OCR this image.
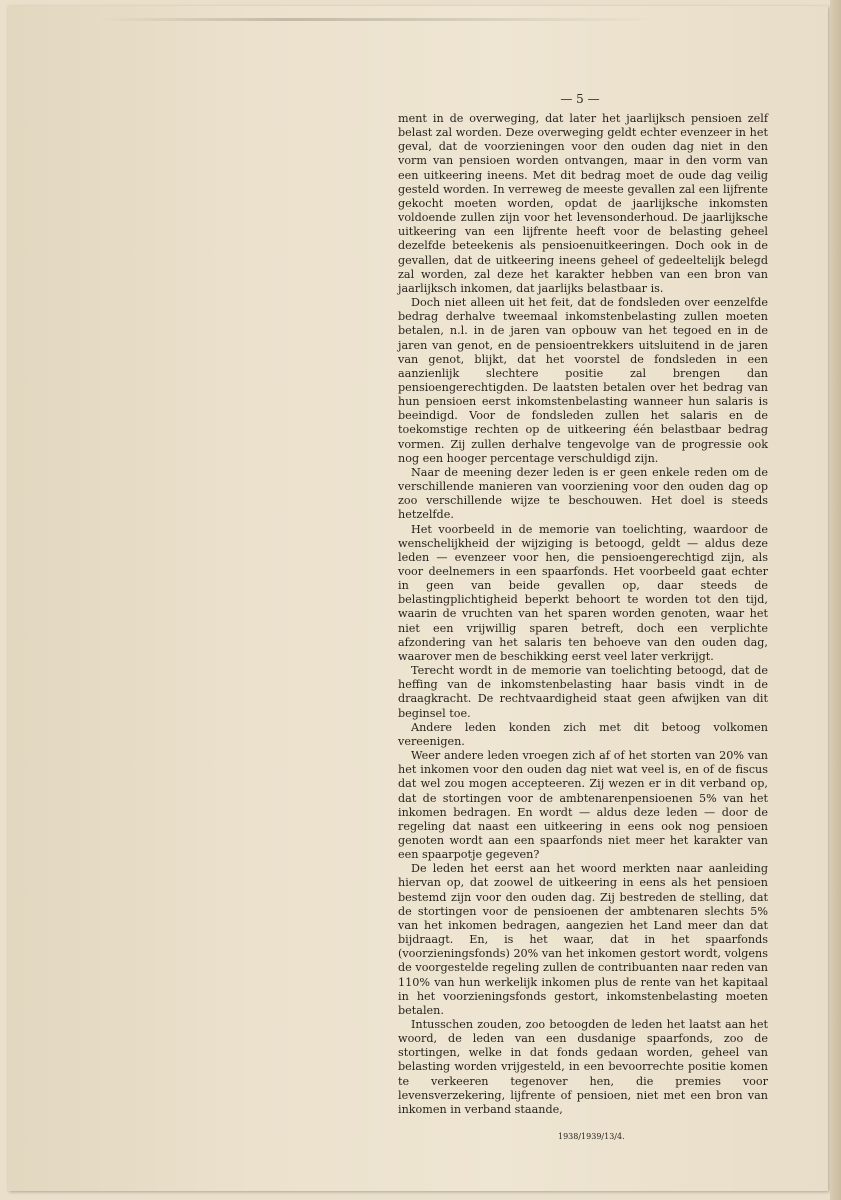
— 5 —

ment in de overweging, dat later het jaarlijksch pensioen zelf belast zal worden. Deze overweging geldt echter evenzeer in het geval, dat de voorzieningen voor den ouden dag niet in den vorm van pensioen worden ontvangen, maar in den vorm van een uitkeering ineens. Met dit bedrag moet de oude dag veilig gesteld worden. In verreweg de meeste gevallen zal een lijfrente gekocht moeten worden, opdat de jaarlijksche inkomsten voldoende zullen zijn voor het levensonderhoud. De jaarlijksche uitkeering van een lijfrente heeft voor de belasting geheel dezelfde beteekenis als pensioenuitkeeringen. Doch ook in de gevallen, dat de uitkeering ineens geheel of gedeeltelijk belegd zal worden, zal deze het karakter hebben van een bron van jaarlijksch inkomen, dat jaarlijks belastbaar is.

Doch niet alleen uit het feit, dat de fondsleden over eenzelfde bedrag derhalve tweemaal inkomstenbelasting zullen moeten betalen, n.l. in de jaren van opbouw van het tegoed en in de jaren van genot, en de pensioentrekkers uitsluitend in de jaren van genot, blijkt, dat het voorstel de fondsleden in een aanzienlijk slechtere positie zal brengen dan pensioengerechtigden. De laatsten betalen over het bedrag van hun pensioen eerst inkomstenbelasting wanneer hun salaris is beeindigd. Voor de fondsleden zullen het salaris en de toekomstige rechten op de uitkeering één belastbaar bedrag vormen. Zij zullen derhalve tengevolge van de progressie ook nog een hooger percentage verschuldigd zijn.

Naar de meening dezer leden is er geen enkele reden om de verschillende manieren van voorziening voor den ouden dag op zoo verschillende wijze te beschouwen. Het doel is steeds hetzelfde.

Het voorbeeld in de memorie van toelichting, waardoor de wenschelijkheid der wijziging is betoogd, geldt — aldus deze leden — evenzeer voor hen, die pensioengerechtigd zijn, als voor deelnemers in een spaarfonds. Het voorbeeld gaat echter in geen van beide gevallen op, daar steeds de belastingplichtigheid beperkt behoort te worden tot den tijd, waarin de vruchten van het sparen worden genoten, waar het niet een vrijwillig sparen betreft, doch een verplichte afzondering van het salaris ten behoeve van den ouden dag, waarover men de beschikking eerst veel later verkrijgt.

Terecht wordt in de memorie van toelichting betoogd, dat de heffing van de inkomstenbelasting haar basis vindt in de draagkracht. De rechtvaardigheid staat geen afwijken van dit beginsel toe.

Andere leden konden zich met dit betoog volkomen vereenigen.

Weer andere leden vroegen zich af of het storten van 20% van het inkomen voor den ouden dag niet wat veel is, en of de fiscus dat wel zou mogen accepteeren. Zij wezen er in dit verband op, dat de stortingen voor de ambtenarenpensioenen 5% van het inkomen bedragen. En wordt — aldus deze leden — door de regeling dat naast een uitkeering in eens ook nog pensioen genoten wordt aan een spaarfonds niet meer het karakter van een spaarpotje gegeven?

De leden het eerst aan het woord merkten naar aanleiding hiervan op, dat zoowel de uitkeering in eens als het pensioen bestemd zijn voor den ouden dag. Zij bestreden de stelling, dat de stortingen voor de pensioenen der ambtenaren slechts 5% van het inkomen bedragen, aangezien het Land meer dan dat bijdraagt. En, is het waar, dat in het spaarfonds (voorzieningsfonds) 20% van het inkomen gestort wordt, volgens de voorgestelde regeling zullen de contribuanten naar reden van 110% van hun werkelijk inkomen plus de rente van het kapitaal in het voorzieningsfonds gestort, inkomstenbelasting moeten betalen.

Intusschen zouden, zoo betoogden de leden het laatst aan het woord, de leden van een dusdanige spaarfonds, zoo de stortingen, welke in dat fonds gedaan worden, geheel van belasting worden vrijgesteld, in een bevoorrechte positie komen te verkeeren tegenover hen, die premies voor levensverzekering, lijfrente of pensioen, niet met een bron van inkomen in verband staande,

1938/1939/13/4.
